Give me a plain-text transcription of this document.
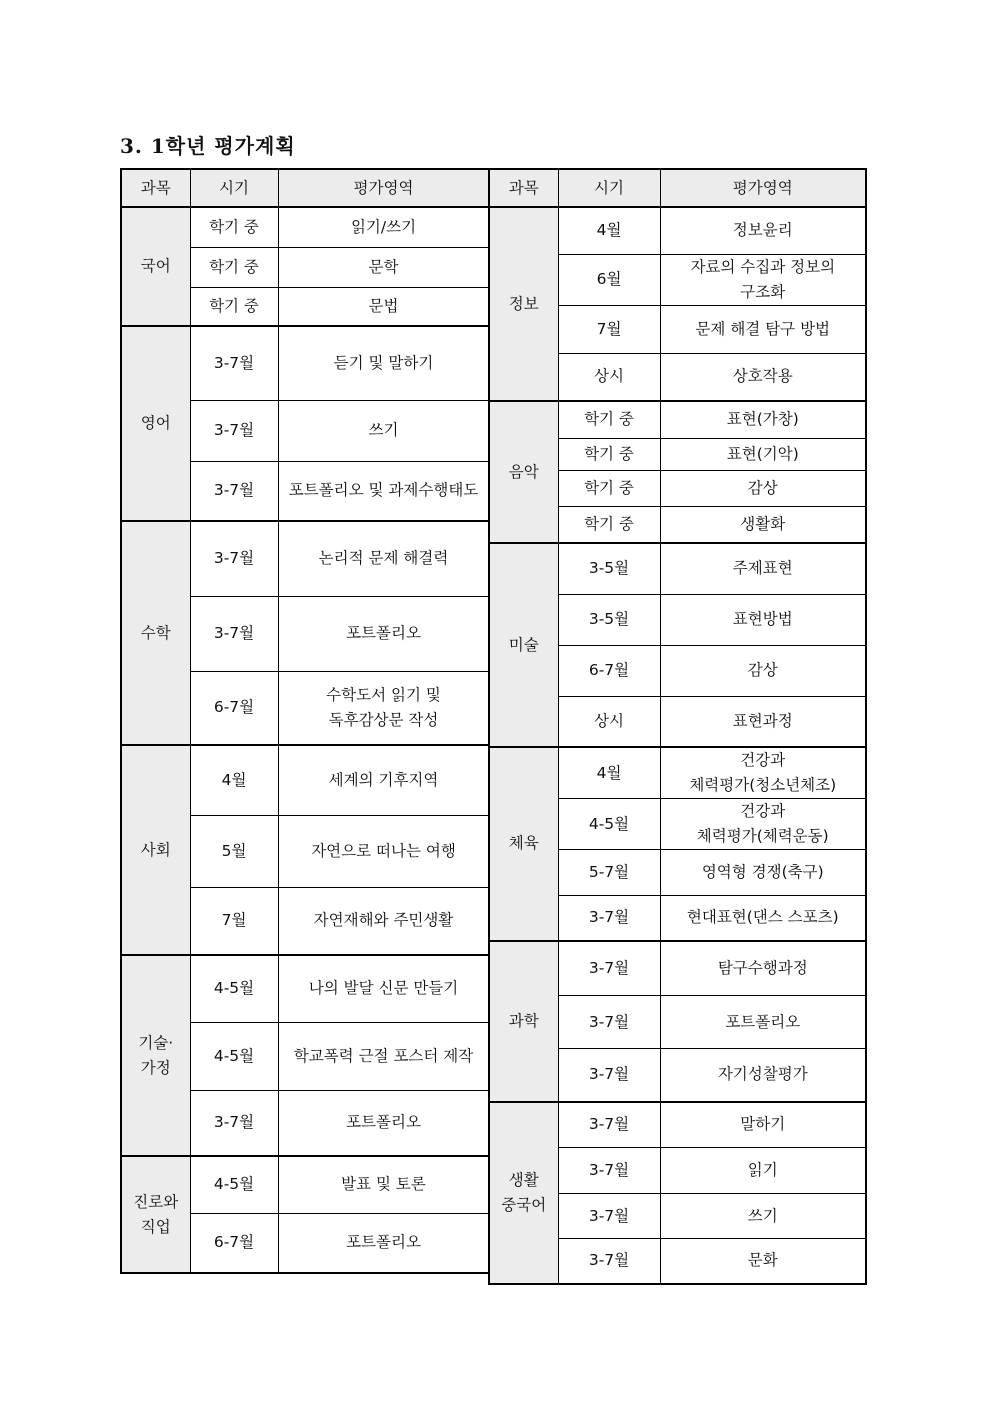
3. 1학년 평가계획
과목	시기	평가영역
국어	학기 중	읽기/쓰기
	학기 중	문학
	학기 중	문법
영어	3-7월	듣기 및 말하기
	3-7월	쓰기
	3-7월	포트폴리오 및 과제수행태도
수학	3-7월	논리적 문제 해결력
	3-7월	포트폴리오
	6-7월	수학도서 읽기 및
독후감상문 작성

사회	4월	세계의 기후지역
	5월	자연으로 떠나는 여행
	7월	자연재해와 주민생활

기술·
가정	4-5월	나의 발달 신문 만들기
	4-5월	학교폭력 근절 포스터 제작
	3-7월	포트폴리오

진로와
직업	4-5월	발표 및 토론
	6-7월	포트폴리오
과목	시기	평가영역
정보	4월	정보윤리
	6월	자료의 수집과 정보의
구조화

	7월	문제 해결 탐구 방법
	상시	상호작용
음악	학기 중	표현(가창)
	학기 중	표현(기악)
	학기 중	감상
	학기 중	생활화
미술	3-5월	주제표현
	3-5월	표현방법
	6-7월	감상
	상시	표현과정
체육	4월	건강과
체력평가(청소년체조)

	4-5월	건강과
체력평가(체력운동)

	5-7월	영역형 경쟁(축구)
	3-7월	현대표현(댄스 스포츠)
과학	3-7월	탐구수행과정
	3-7월	포트폴리오
	3-7월	자기성찰평가

생활
중국어	3-7월	말하기
	3-7월	읽기
	3-7월	쓰기
	3-7월	문화
